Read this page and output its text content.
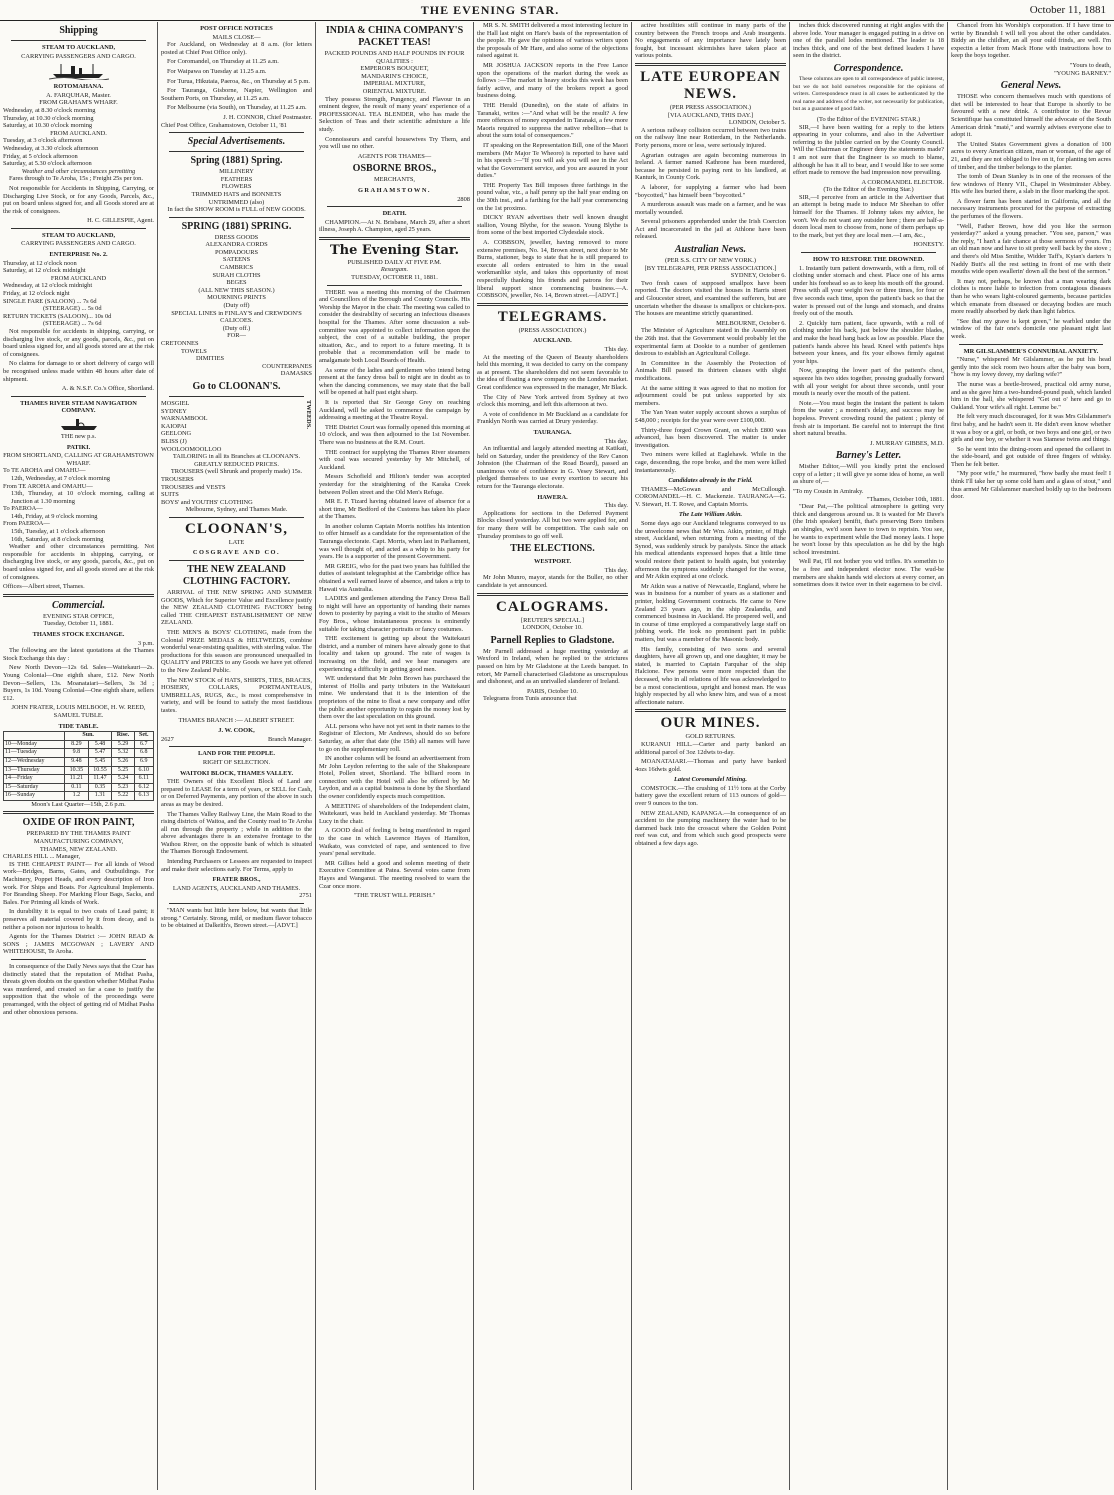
THE EVENING STAR.	October 11, 1881
Shipping
STEAM TO AUCKLAND,
CARRYING PASSENGERS AND CARGO.
ROTOMAHANA.
A. FARQUHAR, Master.
FROM GRAHAM'S WHARF.
Wednesday, at 8.30 o'clock morning
Thursday, at 10.30 o'clock morning
Saturday, at 10.30 o'clock morning
FROM AUCKLAND.
Tuesday, at 3 o'clock afternoon
Wednesday, at 3.30 o'clock afternoon
Friday, at 5 o'clock afternoon
Saturday, at 5.30 o'clock afternoon
Weather and other circumstances permitting

Fares through to Te Aroha, 15s ; Freight 25s per ton.

Not responsible for Accidents in Shipping, Carrying, or Discharging Live Stock, or for any Goods, Parcels, &c., put on board unless signed for, and all Goods stored are at the risk of consignees.

H. C. GILLESPIE, Agent.
STEAM TO AUCKLAND,
CARRYING PASSENGERS AND CARGO.
ENTERPRISE No. 2.
Thursday, at 12 o'clock noon
Saturday, at 12 o'clock midnight
FROM AUCKLAND
Wednesday, at 12 o'clock midnight
Friday, at 12 o'clock night
SINGLE FARE (SALOON) ... 7s 6d
(STEERAGE) ... 5s 0d
RETURN TICKETS (SALOON)... 10s 0d
(STEERAGE) ... 7s 6d

Not responsible for accidents in shipping, carrying, or discharging live stock, or any goods, parcels, &c., put on board unless signed for, and all goods stored are at the risk of consignees.

No claims for damage to or short delivery of cargo will be recognised unless made within 48 hours after date of shipment.

A. & N.S.F. Co.'s Office, Shortland.
THAMES RIVER STEAM NAVIGATION COMPANY.
THE new p.s.
PATIKI.
FROM SHORTLAND, CALLING AT GRAHAMSTOWN WHARF.
To TE AROHA and OMAHU—
12th, Wednesday, at 7 o'clock morning
From TE AROHA and OMAHU—
13th, Thursday, at 10 o'clock morning, calling at Junction at 1.30 morning
To PAEROA—
14th, Friday, at 9 o'clock morning
From PAEROA—
15th, Tuesday, at 1 o'clock afternoon
16th, Saturday, at 8 o'clock morning

Weather and other circumstances permitting. Not responsible for accidents in shipping, carrying, or discharging live stock, or any goods, parcels, &c., put on board unless signed for, and all goods stored are at the risk of consignees.

Offices—Albert street, Thames.
Commercial.
EVENING STAR OFFICE,
Tuesday, October 11, 1881.
THAMES STOCK EXCHANGE.
3 p.m.

The following are the latest quotations at the Thames Stock Exchange this day :

New North Devon—12s 6d. Sales—Waitekauri—2s. Young Colonial—One eighth share, £12. New North Devon—Sellers, 13s. Moanataiari—Sellers, 3s 3d ; Buyers, 1s 10d. Young Colonial—One eighth share, sellers £12.

JOHN FRATER, LOUIS MELBOOE, H. W. REED, SAMUEL TUBLE.
TIDE TABLE.
	Sun.		Rise.	Set.
10—Monday	8.29	5.48	5.29	6.7
11—Tuesday	9.8	5.47	5.32	6.8
12—Wednesday	9.48	5.45	5.26	6.9
13—Thursday	10.35	10.55	5.25	6.10
14—Friday	11.21	11.47	5.24	6.11
15—Saturday	0.11	0.35	5.23	6.12
16—Sunday	1.2	1.31	5.22	6.13
Moon's Last Quarter—15th, 2.6 p.m.
OXIDE OF IRON PAINT,
PREPARED BY THE THAMES PAINT MANUFACTURING COMPANY,
THAMES, NEW ZEALAND.
CHARLES HILL ... Manager,

IS THE CHEAPEST PAINT— For all kinds of Wood work—Bridges, Barns, Gates, and Outbuildings. For Machinery, Poppet Heads, and every description of Iron work. For Ships and Boats. For Agricultural Implements. For Branding Sheep. For Marking Flour Bags, Sacks, and Bales. For Priming all kinds of Work.

In durability it is equal to two coats of Lead paint; it preserves all material covered by it from decay, and is neither a poison nor injurious to health.

Agents for the Thames District :— JOHN READ & SONS ; JAMES MCGOWAN ; LAVERY AND WHITEHOUSE, Te Aroha.

In consequence of the Daily News says that the Czar has distinctly stated that the reputation of Midhat Pasha, threats given doubts on the question whether Midhat Pasha was murdered, and created so far a case to justify the supposition that the whole of the proceedings were prearranged, with the object of getting rid of Midhat Pasha and other obnoxious persons.

POST OFFICE NOTICES
MAILS CLOSE—

For Auckland, on Wednesday at 8 a.m. (for letters posted at Chief Post Office only).

For Coromandel, on Thursday at 11.25 a.m.

For Waipawa on Tuesday at 11.25 a.m.

For Turua, Hikutaia, Paeroa, &c., on Thursday at 5 p.m.

For Tauranga, Gisborne, Napier, Wellington and Southern Ports, on Thursday, at 11.25 a.m.

For Melbourne (via South), on Thursday, at 11.25 a.m.

J. H. CONNOR, Chief Postmaster.
Chief Post Office, Grahamstown, October 11, '81
Special Advertisements.
Spring (1881) Spring.
MILLINERY
FEATHERS
FLOWERS
TRIMMED HATS and BONNETS
UNTRIMMED (also)
In fact the SHOW ROOM is FULL of NEW GOODS.
SPRING (1881) SPRING.
DRESS GOODS
ALEXANDRA CORDS
POMPADOURS
SATEENS
CAMBRICS
SURAH CLOTHS
BEGES
(ALL NEW THIS SEASON.)
MOURNING PRINTS
(Duty off)
SPECIAL LINES in FINLAY'S and CREWDON'S CALICOES.
(Duty off.)
FOR—
CRETONNES
TOWELS
DIMITIES
COUNTERPANES
DAMASKS
Go to CLOONAN'S.
MOSGIEL
SYDNEY
WARNAMBOOL
KAIOPAI
GEELONG
BLISS (J)
WOOLOOMOOLLOO
TWEEDS.
TAILORING in all its Branches at CLOONAN'S.
GREATLY REDUCED PRICES.
TROUSERS (well Shrunk and properly made) 15s.
TROUSERS
TROUSERS and VESTS
SUITS
BOYS' and YOUTHS' CLOTHING
Melbourne, Sydney, and Thames Made.
CLOONAN'S,
LATE
COSGRAVE AND CO.
THE NEW ZEALAND CLOTHING FACTORY.

ARRIVAL of THE NEW SPRING AND SUMMER GOODS, Which for Superior Value and Excellence justify the NEW ZEALAND CLOTHING FACTORY being called THE CHEAPEST ESTABLISHMENT OF NEW ZEALAND.

THE MEN'S & BOYS' CLOTHING, made from the Colonial PRIZE MEDALS & HELTWEEDS, combine wonderful wear-resisting qualities, with sterling value. The productions for this season are pronounced unequalled in QUALITY and PRICES to any Goods we have yet offered to the New Zealand Public.

The NEW STOCK of HATS, SHIRTS, TIES, BRACES, HOSIERY, COLLARS, PORTMANTEAUS, UMBRELLAS, RUGS, &c., is most comprehensive in variety, and will be found to satisfy the most fastidious tastes.

THAMES BRANCH :— ALBERT STREET.
J. W. COOK,
2627	Branch Manager.
LAND FOR THE PEOPLE.
RIGHT OF SELECTION.
WAITOKI BLOCK, THAMES VALLEY.

THE Owners of this Excellent Block of Land are prepared to LEASE for a term of years, or SELL for Cash, or on Deferred Payments, any portion of the above in such areas as may be desired.

The Thames Valley Railway Line, the Main Road to the rising districts of Waitoa, and the County road to Te Aroha all run through the property ; while in addition to the above advantages there is an extensive frontage to the Waihou River, on the opposite bank of which is situated the Thames Borough Endowment.

Intending Purchasers or Lessees are requested to inspect and make their selections early. For Terms, apply to

FRATER BROS.,
LAND AGENTS, AUCKLAND AND THAMES.
2751

"MAN wants but little here below, but wants that little strong." Certainly. Strong, mild, or medium flavor tobacco to be obtained at Dalkeith's, Brown street.—[ADVT.]

INDIA & CHINA COMPANY'S PACKET TEAS!
PACKED POUNDS AND HALF POUNDS IN FOUR QUALITIES :
EMPEROR'S BOUQUET,
MANDARIN'S CHOICE,
IMPERIAL MIXTURE,
ORIENTAL MIXTURE.

They possess Strength, Pungency, and Flavour in an eminent degree, the result of many years' experience of a PROFESSIONAL TEA BLENDER, who has made the Selection of Teas and their scientific admixture a life study.

Connoisseurs and careful housewives Try Them, and you will use no other.

AGENTS FOR THAMES—
OSBORNE BROS.,
MERCHANTS,
GRAHAMSTOWN.
2808
DEATH.

CHAMPION.—At N. Brisbane, March 29, after a short illness, Joseph A. Champion, aged 25 years.

The Evening Star.
PUBLISHED DAILY AT FIVE P.M.
Resurgam.
TUESDAY, OCTOBER 11, 1881.

THERE was a meeting this morning of the Chairmen and Councillors of the Borough and County Councils. His Worship the Mayor in the chair. The meeting was called to consider the desirability of securing an infectious diseases hospital for the Thames. After some discussion a sub-committee was appointed to collect information upon the subject, the cost of a suitable building, the proper situation, &c., and to report to a future meeting. It is probable that a recommendation will be made to amalgamate both Local Boards of Health.

As some of the ladies and gentlemen who intend being present at the fancy dress ball to night are in doubt as to when the dancing commences, we may state that the ball will be opened at half past eight sharp.

It is reported that Sir George Grey on reaching Auckland, will be asked to commence the campaign by addressing a meeting at the Theatre Royal.

THE District Court was formally opened this morning at 10 o'clock, and was then adjourned to the 1st November. There was no business at the R.M. Court.

THE contract for supplying the Thames River steamers with coal was secured yesterday by Mr Mitchell, of Auckland.

Messrs Schofield and Hilton's tender was accepted yesterday for the straightening of the Karaka Creek between Pollen street and the Old Men's Refuge.

MR E. F. Tizard having obtained leave of absence for a short time, Mr Bedford of the Customs has taken his place at the Thames.

In another column Captain Morris notifies his intention to offer himself as a candidate for the representation of the Tauranga electorate. Capt. Morris, when last in Parliament, was well thought of, and acted as a whip to his party for years. He is a supporter of the present Government.

MR GREIG, who for the past two years has fulfilled the duties of assistant telegraphist at the Cambridge office has obtained a well earned leave of absence, and takes a trip to Hawaii via Australia.

LADIES and gentlemen attending the Fancy Dress Ball to night will have an opportunity of handing their names down to posterity by paying a visit to the studio of Messrs Foy Bros., whose instantaneous process is eminently suitable for taking character portraits or fancy costumes.

THE excitement is getting up about the Waitekauri district, and a number of miners have already gone to that locality and taken up ground. The rate of wages is increasing on the field, and we hear managers are experiencing a difficulty in getting good men.

WE understand that Mr John Brown has purchased the interest of Hollis and party tributers in the Waitekauri mine. We understand that it is the intention of the proprietors of the mine to float a new company and offer the public another opportunity to regain the money lost by them over the last speculation on this ground.

ALL persons who have not yet sent in their names to the Registrar of Electors, Mr Andrews, should do so before Saturday, as after that date (the 15th) all names will have to go on the supplementary roll.

IN another column will be found an advertisement from Mr John Leydon referring to the sale of the Shakespeare Hotel, Pollen street, Shortland. The billiard room in connection with the Hotel will also be offered by Mr Leydon, and as a capital business is done by the Shortland the owner confidently expects much competition.

A MEETING of shareholders of the Independent claim, Waitekauri, was held in Auckland yesterday. Mr Thomas Lucy in the chair.

A GOOD deal of feeling is being manifested in regard to the case in which Lawrence Hayes of Hamilton, Waikato, was convicted of rape, and sentenced to five years' penal servitude.

MR Gillies held a good and solemn meeting of their Executive Committee at Patea. Several votes came from Hayes and Wanganui. The meeting resolved to warn the Czar once more.

"THE TRUST WILL PERISH."

MR S. N. SMITH delivered a most interesting lecture in the Hall last night on Hare's basis of the representation of the people. He gave the opinions of various writers upon the proposals of Mr Hare, and also some of the objections raised against it.

MR JOSHUA JACKSON reports in the Free Lance upon the operations of the market during the week as follows :—The market in heavy stocks this week has been fairly active, and many of the brokers report a good business doing.

THE Herald (Dunedin), on the state of affairs in Taranaki, writes :—"And what will be the result? A few more offences of money expended in Taranaki, a few more Maoris required to suppress the native rebellion—that is about the sum total of consequences."

IT speaking on the Representation Bill, one of the Maori members (Mr Major Te Wheoro) is reported to have said in his speech :—"If you will ask you will see in the Act what the Government service, and you are assured in your duties."

THE Property Tax Bill imposes three farthings in the pound value, viz., a half penny up the half year ending on the 30th inst., and a farthing for the half year commencing on the 1st proximo.

DICKY RYAN advertises their well known draught stallion, Young Blythe, for the season. Young Blythe is from some of the best imported Clydesdale stock.

A. COBBSON, jeweller, having removed to more extensive premises, No. 14, Brown street, next door to Mr Burns, stationer, begs to state that he is still prepared to execute all orders entrusted to him in the usual workmanlike style, and takes this opportunity of most respectfully thanking his friends and patrons for their liberal support since commencing business.—A. COBBSON, jeweller, No. 14, Brown street.—[ADVT.]

TELEGRAMS.
(PRESS ASSOCIATION.)
AUCKLAND.
This day.

At the meeting of the Queen of Beauty shareholders held this morning, it was decided to carry on the company as at present. The shareholders did not seem favorable to the idea of floating a new company on the London market. Great confidence was expressed in the manager, Mr Black.

The City of New York arrived from Sydney at two o'clock this morning, and left this afternoon at two.

A vote of confidence in Mr Buckland as a candidate for Franklyn North was carried at Drury yesterday.

TAURANGA.
This day.

An influential and largely attended meeting at Katikati, held on Saturday, under the presidency of the Rev Canon Johnston (the Chairman of the Road Board), passed an unanimous vote of confidence in G. Vesey Stewart, and pledged themselves to use every exertion to secure his return for the Tauranga electorate.

HAWERA.
This day.

Applications for sections in the Deferred Payment Blocks closed yesterday. All but two were applied for, and for many there will be competition. The cash sale on Thursday promises to go off well.

THE ELECTIONS.
WESTPORT.
This day.

Mr John Munro, mayor, stands for the Buller, no other candidate is yet announced.

CALOGRAMS.
[REUTER'S SPECIAL.]
LONDON, October 10.
Parnell Replies to Gladstone.

Mr Parnell addressed a huge meeting yesterday at Wexford in Ireland, when he replied to the strictures passed on him by Mr Gladstone at the Leeds banquet. In retort, Mr Parnell characterised Gladstone as unscrupulous and dishonest, and as an unrivalled slanderer of Ireland.

PARIS, October 10.

Telegrams from Tunis announce that

active hostilities still continue in many parts of the country between the French troops and Arab insurgents. No engagements of any importance have lately been fought, but incessant skirmishes have taken place at various points.

LATE EUROPEAN NEWS.
(PER PRESS ASSOCIATION.)
[VIA AUCKLAND, THIS DAY.]
LONDON, October 5.

A serious railway collision occurred between two trains on the railway line near Rotterdam, in the Netherlands. Forty persons, more or less, were seriously injured.

Agrarian outrages are again becoming numerous in Ireland. A farmer named Kathrone has been murdered, because he persisted in paying rent to his landlord, at Kanturk, in County Cork.

A laborer, for supplying a farmer who had been "boycotted," has himself been "boycotted."

A murderous assault was made on a farmer, and he was mortally wounded.

Several prisoners apprehended under the Irish Coercion Act and incarcerated in the jail at Athlone have been released.

Australian News.
(PER S.S. CITY OF NEW YORK.)
[BY TELEGRAPH, PER PRESS ASSOCIATION.]
SYDNEY, October 6.

Two fresh cases of supposed smallpox have been reported. The doctors visited the houses in Harris street and Gloucester street, and examined the sufferers, but are uncertain whether the disease is smallpox or chicken-pox. The houses are meantime strictly quarantined.

MELBOURNE, October 6.

The Minister of Agriculture stated in the Assembly on the 26th inst. that the Government would probably let the experimental farm at Dookie to a number of gentlemen desirous to establish an Agricultural College.

In Committee in the Assembly the Protection of Animals Bill passed its thirteen clauses with slight modifications.

At the same sitting it was agreed to that no motion for adjournment could be put unless supported by six members.

The Yan Yean water supply account shows a surplus of £48,000 ; receipts for the year were over £100,000.

Thirty-three forged Crown Grant, on which £800 was advanced, has been discovered. The matter is under investigation.

Two miners were killed at Eaglehawk. While in the cage, descending, the rope broke, and the men were killed instantaneously.

Candidates already in the Field.

THAMES—McGowan and McCullough. COROMANDEL—H. C. Mackenzie. TAURANGA—G. V. Stewart, H. T. Rowe, and Captain Morris.

The Late William Atkin.

Some days ago our Auckland telegrams conveyed to us the unwelcome news that Mr Wm. Atkin, printer, of High street, Auckland, when returning from a meeting of the Synod, was suddenly struck by paralysis. Since the attack his medical attendants expressed hopes that a little time would restore their patient to health again, but yesterday afternoon the symptoms suddenly changed for the worse, and Mr Atkin expired at one o'clock.

Mr Atkin was a native of Newcastle, England, where he was in business for a number of years as a stationer and printer, holding Government contracts. He came to New Zealand 23 years ago, in the ship Zealandia, and commenced business in Auckland. He prospered well, and in course of time employed a comparatively large staff on jobbing work. He took no prominent part in public matters, but was a member of the Masonic body.

His family, consisting of two sons and several daughters, have all grown up, and one daughter, it may be stated, is married to Captain Farquhar of the ship Halcione. Few persons were more respected than the deceased, who in all relations of life was acknowledged to be a most conscientious, upright and honest man. He was highly respected by all who knew him, and was of a most affectionate nature.

OUR MINES.
GOLD RETURNS.

KURANUI HILL.—Carter and party banked an additional parcel of 3oz 12dwts to-day.

MOANATAIARI.—Thomas and party have banked 4ozs 16dwts gold.

Latest Coromandel Mining.

COMSTOCK.—The crushing of 11½ tons at the Corby battery gave the excellent return of 113 ounces of gold—over 9 ounces to the ton.

NEW ZEALAND, KAPANGA.—In consequence of an accident to the pumping machinery the water had to be dammed back into the crosscut where the Golden Point reef was cut, and from which such good prospects were obtained a few days ago.

inches thick discovered running at right angles with the above lode. Your manager is engaged putting in a drive on one of the parallel lodes mentioned. The leader is 18 inches thick, and one of the best defined leaders I have seen in the district.

Correspondence.

These columns are open to all correspondence of public interest, but we do not hold ourselves responsible for the opinions of writers. Correspondence must in all cases be authenticated by the real name and address of the writer, not necessarily for publication, but as a guarantee of good faith.

(To the Editor of the EVENING STAR.)

SIR,—I have been waiting for a reply to the letters appearing in your columns, and also in the Advertiser referring to the jubilee carried on by the County Council. Will the Chairman or Engineer deny the statements made? I am not sure that the Engineer is so much to blame, although he has it all to bear, and I would like to see some effort made to remove the bad impression now prevailing.

A COROMANDEL ELECTOR.
(To the Editor of the Evening Star.)

SIR,—I perceive from an article in the Advertiser that an attempt is being made to induce Mr Sheehan to offer himself for the Thames. If Johnny takes my advice, he won't. We do not want any outsider here ; there are half-a-dozen local men to choose from, none of them perhaps up to the mark, but yet they are local men.—I am, &c.,

HONESTY.
HOW TO RESTORE THE DROWNED.

1. Instantly turn patient downwards, with a firm, roll of clothing under stomach and chest. Place one of his arms under his forehead so as to keep his mouth off the ground. Press with all your weight two or three times, for four or five seconds each time, upon the patient's back so that the water is pressed out of the lungs and stomach, and drains freely out of the mouth.

2. Quickly turn patient, face upwards, with a roll of clothing under his back, just below the shoulder blades, and make the head hang back as low as possible. Place the patient's hands above his head. Kneel with patient's hips between your knees, and fix your elbows firmly against your hips.

Now, grasping the lower part of the patient's chest, squeeze his two sides together, pressing gradually forward with all your weight for about three seconds, until your mouth is nearly over the mouth of the patient.

Note.—You must begin the instant the patient is taken from the water ; a moment's delay, and success may be hopeless. Prevent crowding round the patient ; plenty of fresh air is important. Be careful not to interrupt the first short natural breaths.

J. MURRAY GIBBES, M.D.
Barney's Letter.

Misther Editor,—Will you kindly print the enclosed copy of a letter ; it will give ye some idea of home, as well as shure of,—

"To my Cousin in Amiraky.
"Thames, October 10th, 1881.

"Dear Pat,—The political atmosphere is getting very thick and dangerous around us. It is wasted for Mr Dave's (the Irish speaker) benifit, that's preserving Boro timbers an shingles, we'd soon have to town to reprisin. You see, he wants to experiment while the Dad money lasts. I hope he won't loose by this speculation as he did by the high school investmint.

Well Pat, I'll not bother you wid trifles. It's somethin to be a free and independent elector now. The wud-be members are shakin hands wid electors at every corner, an sometimes does it twice over in their eagerness to be civil.

Chancel from his Worship's corporation. If I have time to write by Brandish I will tell you about the other candidates. Biddy an the childher, an all your ould frinds, are well. I'm expectin a letter from Mack Hone with instructions how to keep the boys together.

"Yours to death,
"YOUNG BARNEY."
General News.

THOSE who concern themselves much with questions of diet will be interested to hear that Europe is shortly to be favoured with a new drink. A contributor to the Revue Scientifique has constituted himself the advocate of the South American drink "maté," and warmly advises everyone else to adopt it.

The United States Government gives a donation of 100 acres to every American citizen, man or woman, of the age of 21, and they are not obliged to live on it, for planting ten acres of timber, and the timber belongs to the planter.

The tomb of Dean Stanley is in one of the recesses of the few windows of Henry VII., Chapel in Westminster Abbey. His wife lies buried there, a slab in the floor marking the spot.

A flower farm has been started in California, and all the necessary instruments procured for the purpose of extracting the perfumes of the flowers.

"Well, Father Brown, how did you like the sermon yesterday?" asked a young preacher. "You see, parson," was the reply, "I han't a fair chance at those sermons of yours. I'm an old man now and have to sit pretty well back by the stove ; and there's old Miss Smithe, Widder Taff's, Kyian's darters 'n Naddy Butt's all the rest setting in front of me with their mouths wide open swallerin' down all the best of the sermon."

It may not, perhaps, be known that a man wearing dark clothes is more liable to infection from contagious diseases than he who wears light-coloured garments, because particles which emanate from diseased or decaying bodies are much more readily absorbed by dark than light fabrics.

"See that my grave is kept green," he warbled under the window of the fair one's domicile one pleasant night last week.

MR GILSLAMMER'S CONNUBIAL ANXIETY.

"Nurse," whispered Mr Gilslammer, as he put his head gently into the sick room two hours after the baby was born, "how is my lovey dovey, my darling wife?"

The nurse was a beetle-browed, practical old army nurse, and as she gave him a two-hundred-pound push, which landed him in the hall, she whispered "Get out o' here and go to Oakland. Your wife's all right. Lemme be."

He felt very much discouraged, for it was Mrs Gilslammer's first baby, and he hadn't seen it. He didn't even know whether it was a boy or a girl, or both, or two boys and one girl, or two girls and one boy, or whether it was Siamese twins and things.

So he went into the dining-room and opened the cellaret in the side-board, and got outside of three fingers of whisky. Then he felt better.

"My poor wife," he murmured, "how badly she must feel! I think I'll take her up some cold ham and a glass of stout," and thus armed Mr Gilslammer marched boldly up to the bedroom door.
